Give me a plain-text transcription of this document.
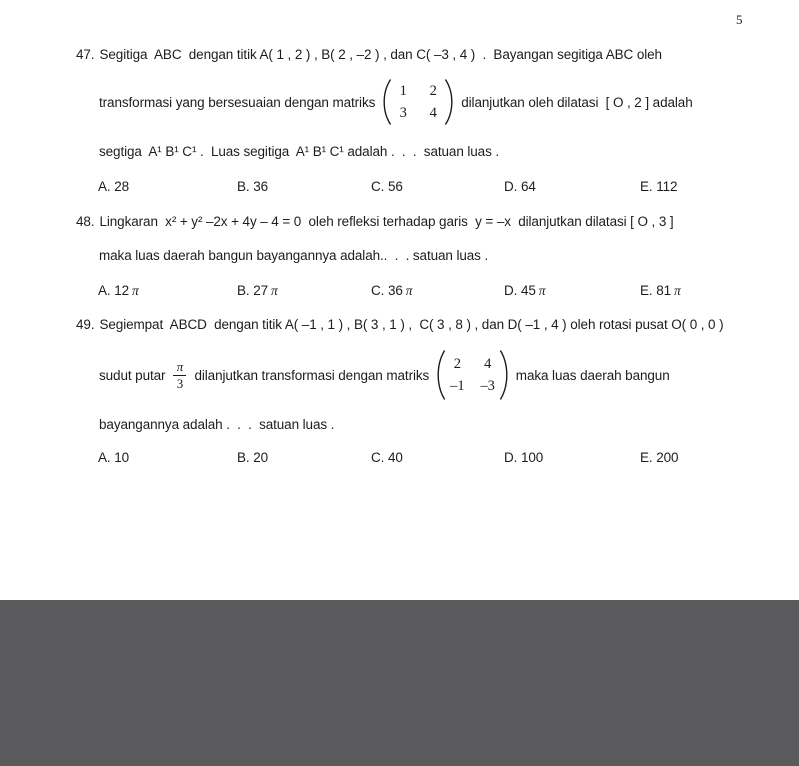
5
47. Segitiga  ABC  dengan titik A( 1 , 2 ) , B( 2 , –2 ) , dan C( –3 , 4 )  .  Bayangan segitiga ABC oleh
transformasi yang bersesuaian dengan matriks
1 2
3 4
dilanjutkan oleh dilatasi  [ O , 2 ] adalah
segtiga  A¹ B¹ C¹ .  Luas segitiga  A¹ B¹ C¹ adalah .  .  .  satuan luas .
A. 28	B. 36	C. 56	D. 64	E. 112
48. Lingkaran  x² + y² –2x + 4y – 4 = 0  oleh refleksi terhadap garis  y = –x  dilanjutkan dilatasi [ O , 3 ]
maka luas daerah bangun bayangannya adalah..  .  . satuan luas .
A. 12 π	B. 27 π	C. 36 π	D. 45 π	E. 81 π
49. Segiempat  ABCD  dengan titik A( –1 , 1 ) , B( 3 , 1 ) ,  C( 3 , 8 ) , dan D( –1 , 4 ) oleh rotasi pusat O( 0 , 0 )
sudut putar $\frac{\pi}{3}$ dilanjutkan transformasi dengan matriks
2 4
–1 –3
maka luas daerah bangun
bayangannya adalah .  .  .  satuan luas .
A. 10	B. 20	C. 40	D. 100	E. 200
